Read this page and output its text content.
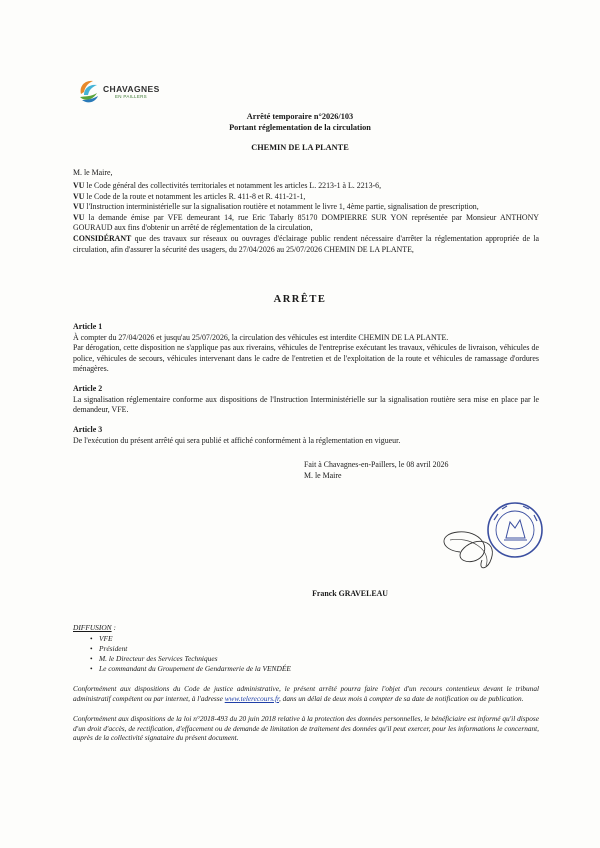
CHAVAGNES
EN PAILLERS
Arrêté temporaire n°2026/103
Portant réglementation de la circulation
CHEMIN DE LA PLANTE
M. le Maire,

VU le Code général des collectivités territoriales et notamment les articles L. 2213-1 à L. 2213-6,

VU le Code de la route et notamment les articles R. 411-8 et R. 411-21-1,

VU l'Instruction interministérielle sur la signalisation routière et notamment le livre 1, 4ème partie, signalisation de prescription,

VU la demande émise par VFE demeurant 14, rue Eric Tabarly 85170 DOMPIERRE SUR YON représentée par Monsieur ANTHONY GOURAUD aux fins d'obtenir un arrêté de réglementation de la circulation,

CONSIDÉRANT que des travaux sur réseaux ou ouvrages d'éclairage public rendent nécessaire d'arrêter la réglementation appropriée de la circulation, afin d'assurer la sécurité des usagers, du 27/04/2026 au 25/07/2026 CHEMIN DE LA PLANTE,

ARRÊTE

Article 1

À compter du 27/04/2026 et jusqu'au 25/07/2026, la circulation des véhicules est interdite CHEMIN DE LA PLANTE.

Par dérogation, cette disposition ne s'applique pas aux riverains, véhicules de l'entreprise exécutant les travaux, véhicules de livraison, véhicules de police, véhicules de secours, véhicules intervenant dans le cadre de l'entretien et de l'exploitation de la route et véhicules de ramassage d'ordures ménagères.

Article 2

La signalisation réglementaire conforme aux dispositions de l'Instruction Interministérielle sur la signalisation routière sera mise en place par le demandeur, VFE.

Article 3

De l'exécution du présent arrêté qui sera publié et affiché conformément à la réglementation en vigueur.

Fait à Chavagnes-en-Paillers, le 08 avril 2026

M. le Maire

Franck GRAVELEAU

DIFFUSION :

• VFE
• Président
• M. le Directeur des Services Techniques
• Le commandant du Groupement de Gendarmerie de la VENDÉE
Conformément aux dispositions du Code de justice administrative, le présent arrêté pourra faire l'objet d'un recours contentieux devant le tribunal administratif compétent ou par internet, à l'adresse www.telerecours.fr, dans un délai de deux mois à compter de sa date de notification ou de publication.
Conformément aux dispositions de la loi n°2018-493 du 20 juin 2018 relative à la protection des données personnelles, le bénéficiaire est informé qu'il dispose d'un droit d'accès, de rectification, d'effacement ou de demande de limitation de traitement des données qu'il peut exercer, pour les informations le concernant, auprès de la collectivité signataire du présent document.
